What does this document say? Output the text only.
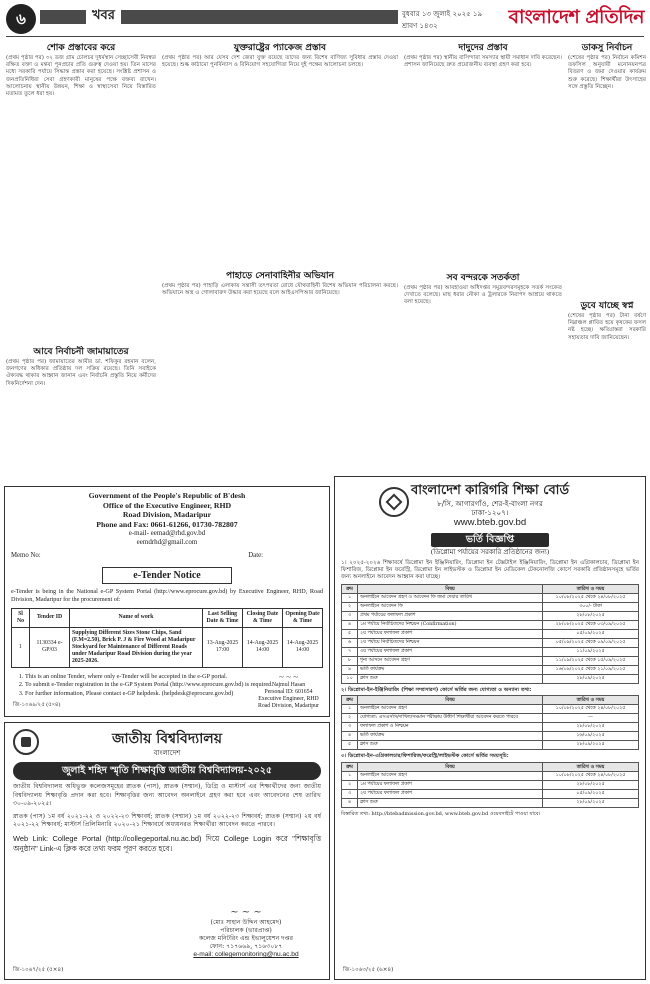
৬	খবর	বুধবার ১৩ জুলাই ২০২৫ ১৯ শ্রাবণ ১৪৩২	বাংলাদেশ প্রতিদিন
শোক প্রস্তাবের করে

(প্রথম পৃষ্ঠার পর) ৩২ ডজ গ্রাম চোলচর দুধর্মস্থান সেচ্ছাসেবী নিবন্ধর রক্ষিত বক্তা ও মন্তব্য পুনপ্রচার প্রতি গুরুত্ব দেওয়া হয়। তিন মাসের মধ্যে সরকারি পর্যায়ে সিদ্ধান্ত প্রস্তাব করা হয়েছে। সংশ্লিষ্ট প্রশাসন ও জনপ্রতিনিধিরা সেবা গ্রহণকারী মানুষের পক্ষে বক্তব্য রাখেন। আলোচনায় স্থানীয় উন্নয়ন, শিক্ষা ও স্বাস্থ্যসেবা নিয়ে বিস্তারিত মতামত তুলে ধরা হয়।

আবে নির্বাচনী জামায়াতের

(প্রথম পৃষ্ঠার পর) জামায়াতের আমীর ডা. শফিকুর রহমান বলেন, জনগণের অধিকার প্রতিষ্ঠায় দল সক্রিয় রয়েছে। তিনি সবাইকে ঐক্যবদ্ধ থাকার আহ্বান জানান এবং নির্বাচনি প্রস্তুতি নিয়ে কর্মীদের দিকনির্দেশনা দেন।

যুক্তরাষ্ট্রের প্যাকেজ প্রস্তাব

(প্রথম পৃষ্ঠার পর) আর যেসব দেশ জেরা যুক্ত রয়েছে তাদের জন্য বিশেষ বাণিজ্য সুবিধার প্রস্তাব দেওয়া হয়েছে। শুল্ক কাঠামো পুনর্বিন্যাস ও বিনিয়োগ সহযোগিতা নিয়ে দুই পক্ষের আলোচনা চলছে।

পাহাড়ে সেনাবাহিনীর অভিযান

(প্রথম পৃষ্ঠার পর) পাহাড়ি এলাকায় সন্ত্রাসী তৎপরতা রোধে যৌথবাহিনী বিশেষ অভিযান পরিচালনা করছে। অভিযানে অস্ত্র ও গোলাবারুদ উদ্ধার করা হয়েছে বলে আইএসপিআর জানিয়েছে।

দাদুদের প্রস্তাব

(প্রথম পৃষ্ঠার পর) স্থানীয় বাসিন্দারা সমস্যার স্থায়ী সমাধান দাবি করেছেন। প্রশাসন জানিয়েছে দ্রুত প্রয়োজনীয় ব্যবস্থা গ্রহণ করা হবে।

সব বন্দরকে সতর্কতা

(প্রথম পৃষ্ঠার পর) আবহাওয়া অধিদপ্তর সমুদ্রবন্দরসমূহকে সতর্ক সংকেত দেখাতে বলেছে। মাছ ধরার নৌকা ও ট্রলারকে নিরাপদ আশ্রয়ে থাকতে বলা হয়েছে।

ডাকসু নির্বাচন

(শেষের পৃষ্ঠার পর) নির্বাচন কমিশন তফসিল অনুযায়ী মনোনয়নপত্র বিতরণ ও জমা দেওয়ার কার্যক্রম শুরু করেছে। শিক্ষার্থীরা উৎসাহের সঙ্গে প্রস্তুতি নিচ্ছেন।

ডুবে যাচ্ছে স্বপ্ন

(শেষের পৃষ্ঠার পর) টানা বর্ষণে নিম্নাঞ্চল প্লাবিত হয়ে কৃষকের ফসল নষ্ট হচ্ছে। ক্ষতিগ্রস্তরা সরকারি সহায়তার দাবি জানিয়েছেন।

Government of the People's Republic of B'desh
Office of the Executive Engineer, RHD
Road Division, Madaripur
Phone and Fax: 0661-61266, 01730-782807
e-mail- eemad@rhd.gov.bd
eemdrhd@gmail.com
Memo No:	Date:
e-Tender Notice
e-Tender is being in the National e-GP System Portal (http://www.eprocure.gov.bd) by Executive Engineer, RHD, Road Division, Madaripur for the procurement of:
Sl No	Tender ID	Name of work	Last Selling Date & Time	Closing Date & Time	Opening Date & Time
1	1130334 e-GP/03	Supplying Different Sizes Stone Chips, Sand (F.M=2.50), Brick P. J & Fire Wood at Madaripur Stockyard for Maintenance of Different Roads under Madaripur Road Division during the year 2025-2026.	13-Aug-2025 17:00	14-Aug-2025 14:00	14-Aug-2025 14:00
1. This is an online Tender, where only e-Tender will be accepted in the e-GP portal.
2. To submit e-Tender registration in the e-GP System Portal (http://www.eprocure.gov.bd) is required.
3. For further information, Please contact e-GP helpdesk. (helpdesk@eprocure.gov.bd)
~ ~ ~
Najmul Hasan
Personal ID: 601654
Executive Engineer, RHD
Road Division, Madaripur
জি-১০৬৯/২৫ (৫×৪)
জাতীয় বিশ্ববিদ্যালয়
বাংলাদেশ
জুলাই শহিদ স্মৃতি শিক্ষাবৃত্তি জাতীয় বিশ্ববিদ্যালয়-২০২৫

জাতীয় বিশ্ববিদ্যালয় অধিভুক্ত কলেজসমূহের স্নাতক (পাস), স্নাতক (সম্মান), ডিগ্রি ও মাস্টার্স এর শিক্ষার্থীদের জন্য জাতীয় বিশ্ববিদ্যালয় শিক্ষাবৃত্তি প্রদান করা হবে। শিক্ষাবৃত্তির জন্য আবেদন অনলাইনে গ্রহণ করা হবে এবং আবেদনের শেষ তারিখ ৩০-০৯-২০২৫।

স্নাতক (পাস) ১ম বর্ষ ২০২১-২২ ও ২০২২-২৩ শিক্ষাবর্ষ; স্নাতক (সম্মান) ১ম বর্ষ ২০২২-২৩ শিক্ষাবর্ষ; স্নাতক (সম্মান) ২য় বর্ষ ২০২১-২২ শিক্ষাবর্ষ; মাস্টার্স প্রিলিমিনারি ২০২০-২১ শিক্ষাবর্ষে অধ্যয়নরত শিক্ষার্থীরা আবেদন করতে পারবে।

Web Link: College Portal (http://collegeportal.nu.ac.bd) দিয়ে College Login করে "শিক্ষাবৃত্তি অনুষ্ঠান" Link-এ ক্লিক করে তথ্য ফরম পূরণ করতে হবে।

~ ~ ~
(মোঃ সাহান উদ্দিন আহমেদ)
পরিচালক (ভারপ্রাপ্ত)
কলেজ মনিটরিং এন্ড ইভালুয়েশন দপ্তর
ফোন: ৭১৭৬৬৯, ৭১৬৩০৮৭
e-mail: collegemonitoring@nu.ac.bd
জি-১০৬৭/২৫ (৫×৪)
বাংলাদেশ কারিগরি শিক্ষা বোর্ড
৮/সি, আগারগাঁও, শের-ই-বাংলা নগর
ঢাকা-১২০৭।
www.bteb.gov.bd
ভর্তি বিজ্ঞপ্তি
(ডিপ্লোমা পর্যায়ের সরকারি প্রতিষ্ঠানের জন্য)
১। ২০২৫-২০২৬ শিক্ষাবর্ষে ডিপ্লোমা ইন ইঞ্জিনিয়ারিং, ডিপ্লোমা ইন টেক্সটাইল ইঞ্জিনিয়ারিং, ডিপ্লোমা ইন এগ্রিকালচার, ডিপ্লোমা ইন ফিশারিজ, ডিপ্লোমা ইন ফরেস্ট্রি, ডিপ্লোমা ইন লাইভস্টক ও ডিপ্লোমা ইন মেডিকেল টেকনোলজি কোর্সে সরকারি প্রতিষ্ঠানসমূহে ভর্তির জন্য অনলাইনে আবেদন আহ্বান করা যাচ্ছে।
ক্রম	বিষয়	তারিখ ও সময়
১	অনলাইনে আবেদন গ্রহণ ও আবেদন ফি জমা দেয়ার তারিখ	১০/০৮/২০২৫ থেকে ২৪/০৮/২০২৫
২	অনলাইনে আবেদন ফি	৩০০/- টাকা
৩	প্রথম পর্যায়ের ফলাফল প্রকাশ	২৮/০৮/২০২৫
৪	১ম পর্যায়ে নির্বাচিতদের নিশ্চয়ন (Confirmation)	২৮/০৮/২০২৫ থেকে ০৩/০৯/২০২৫
৫	২য় পর্যায়ের ফলাফল প্রকাশ	০৫/০৯/২০২৫
৬	২য় পর্যায়ে নির্বাচিতদের নিশ্চয়ন	০৫/০৯/২০২৫ থেকে ০৯/০৯/২০২৫
৭	৩য় পর্যায়ের ফলাফল প্রকাশ	১১/০৯/২০২৫
৮	শূন্য আসনে আবেদন গ্রহণ	১১/০৯/২০২৫ থেকে ১৫/০৯/২০২৫
৯	ভর্তি কার্যক্রম	১৬/০৯/২০২৫ থেকে ২১/০৯/২০২৫
১০	ক্লাস শুরু	২৮/০৯/২০২৫
২। ডিপ্লোমা-ইন-ইঞ্জিনিয়ারিং (শিক্ষা সম্প্রসারণ) কোর্সে ভর্তির জন্য যোগ্যতা ও অন্যান্য তথ্য:
ক্রম	বিষয়	তারিখ ও সময়
১	অনলাইনে আবেদন গ্রহণ	১০/০৮/২০২৫ থেকে ২৪/০৮/২০২৫
২	যোগ্যতা: এসএসসি/দাখিল/সমমান পরীক্ষায় উত্তীর্ণ শিক্ষার্থীরা আবেদন করতে পারবে	—
৩	ফলাফল প্রকাশ ও নিশ্চয়ন	২৮/০৮/২০২৫
৪	ভর্তি কার্যক্রম	১৬/০৯/২০২৫
৫	ক্লাস শুরু	২৮/০৯/২০২৫
৩। ডিপ্লোমা-ইন-এগ্রিকালচার/ফিশারিজ/ফরেস্ট্রি/লাইভস্টক কোর্সে ভর্তির সময়সূচি:
ক্রম	বিষয়	তারিখ ও সময়
১	অনলাইনে আবেদন গ্রহণ	১০/০৮/২০২৫ থেকে ২৪/০৮/২০২৫
২	১ম পর্যায়ের ফলাফল প্রকাশ	২৮/০৮/২০২৫
৩	২য় পর্যায়ের ফলাফল প্রকাশ	০৫/০৯/২০২৫
৪	ক্লাস শুরু	২৮/০৯/২০২৫
বিস্তারিত তথ্য: http://btebadmission.gov.bd, www.bteb.gov.bd ওয়েবসাইটে পাওয়া যাবে।
জি-১০৬৩/২৫ (৬×৪)
